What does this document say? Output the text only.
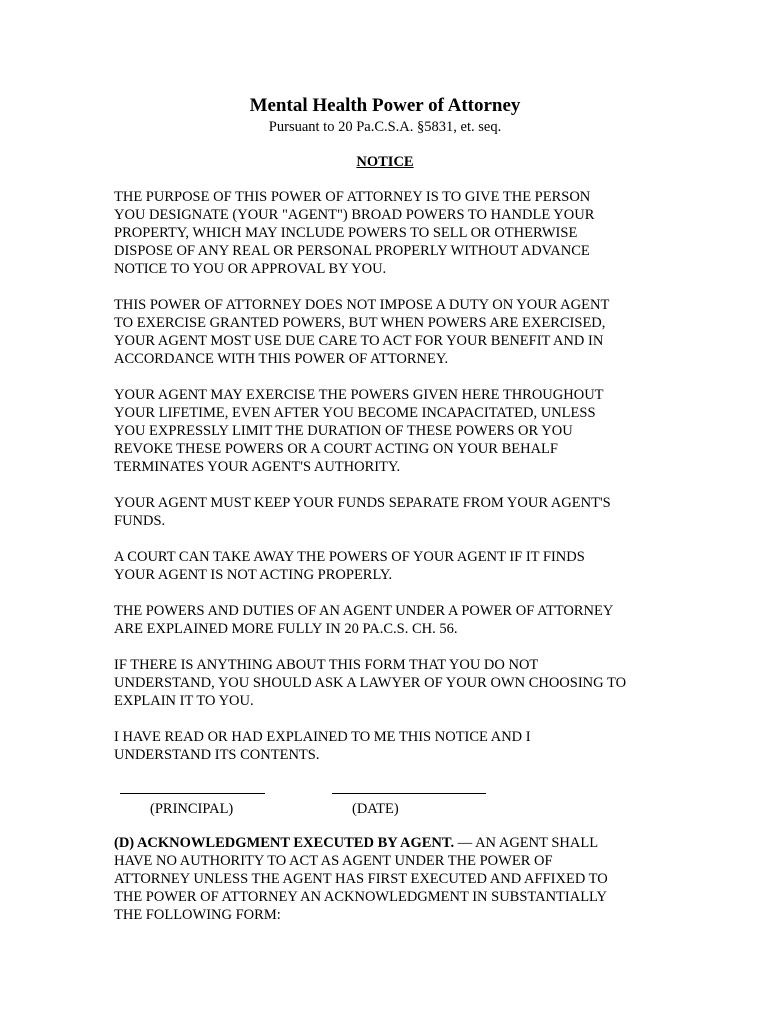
Mental Health Power of Attorney
Pursuant to 20 Pa.C.S.A. §5831, et. seq.
NOTICE

THE PURPOSE OF THIS POWER OF ATTORNEY IS TO GIVE THE PERSON
YOU DESIGNATE (YOUR "AGENT") BROAD POWERS TO HANDLE YOUR
PROPERTY, WHICH MAY INCLUDE POWERS TO SELL OR OTHERWISE
DISPOSE OF ANY REAL OR PERSONAL PROPERLY WITHOUT ADVANCE
NOTICE TO YOU OR APPROVAL BY YOU.

THIS POWER OF ATTORNEY DOES NOT IMPOSE A DUTY ON YOUR AGENT
TO EXERCISE GRANTED POWERS, BUT WHEN POWERS ARE EXERCISED,
YOUR AGENT MOST USE DUE CARE TO ACT FOR YOUR BENEFIT AND IN
ACCORDANCE WITH THIS POWER OF ATTORNEY.

YOUR AGENT MAY EXERCISE THE POWERS GIVEN HERE THROUGHOUT
YOUR LIFETIME, EVEN AFTER YOU BECOME INCAPACITATED, UNLESS
YOU EXPRESSLY LIMIT THE DURATION OF THESE POWERS OR YOU
REVOKE THESE POWERS OR A COURT ACTING ON YOUR BEHALF
TERMINATES YOUR AGENT'S AUTHORITY.

YOUR AGENT MUST KEEP YOUR FUNDS SEPARATE FROM YOUR AGENT'S
FUNDS.

A COURT CAN TAKE AWAY THE POWERS OF YOUR AGENT IF IT FINDS
YOUR AGENT IS NOT ACTING PROPERLY.

THE POWERS AND DUTIES OF AN AGENT UNDER A POWER OF ATTORNEY
ARE EXPLAINED MORE FULLY IN 20 PA.C.S. CH. 56.

IF THERE IS ANYTHING ABOUT THIS FORM THAT YOU DO NOT
UNDERSTAND, YOU SHOULD ASK A LAWYER OF YOUR OWN CHOOSING TO
EXPLAIN IT TO YOU.

I HAVE READ OR HAD EXPLAINED TO ME THIS NOTICE AND I
UNDERSTAND ITS CONTENTS.

(PRINCIPAL)	(DATE)

(D) ACKNOWLEDGMENT EXECUTED BY AGENT. — AN AGENT SHALL
HAVE NO AUTHORITY TO ACT AS AGENT UNDER THE POWER OF
ATTORNEY UNLESS THE AGENT HAS FIRST EXECUTED AND AFFIXED TO
THE POWER OF ATTORNEY AN ACKNOWLEDGMENT IN SUBSTANTIALLY
THE FOLLOWING FORM:
